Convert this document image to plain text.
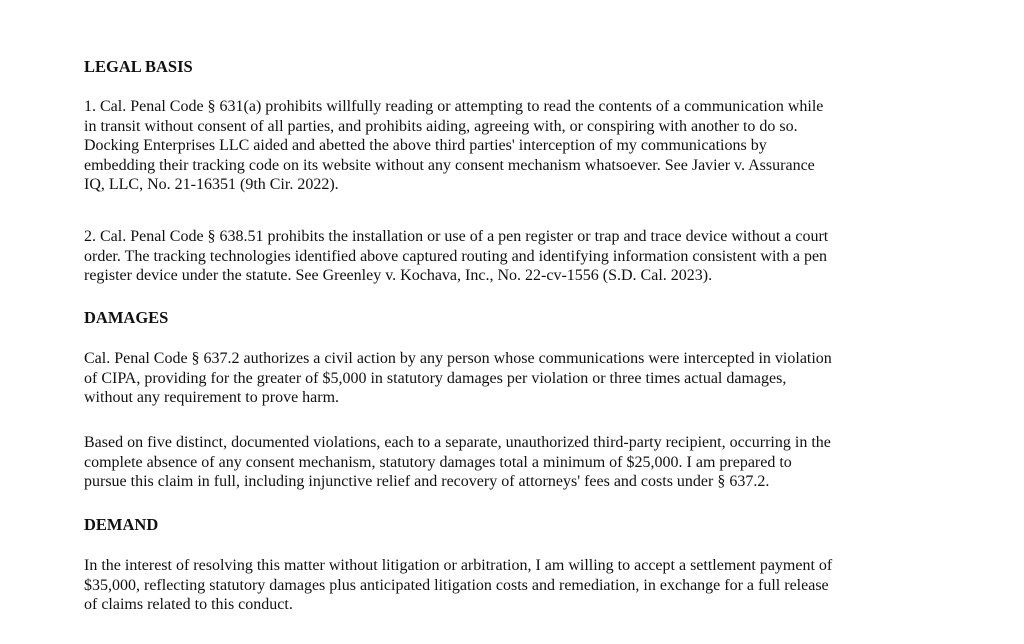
LEGAL BASIS

1. Cal. Penal Code § 631(a) prohibits willfully reading or attempting to read the contents of a communication while
in transit without consent of all parties, and prohibits aiding, agreeing with, or conspiring with another to do so.
Docking Enterprises LLC aided and abetted the above third parties' interception of my communications by
embedding their tracking code on its website without any consent mechanism whatsoever. See Javier v. Assurance
IQ, LLC, No. 21-16351 (9th Cir. 2022).

2. Cal. Penal Code § 638.51 prohibits the installation or use of a pen register or trap and trace device without a court
order. The tracking technologies identified above captured routing and identifying information consistent with a pen
register device under the statute. See Greenley v. Kochava, Inc., No. 22-cv-1556 (S.D. Cal. 2023).

DAMAGES

Cal. Penal Code § 637.2 authorizes a civil action by any person whose communications were intercepted in violation
of CIPA, providing for the greater of $5,000 in statutory damages per violation or three times actual damages,
without any requirement to prove harm.

Based on five distinct, documented violations, each to a separate, unauthorized third-party recipient, occurring in the
complete absence of any consent mechanism, statutory damages total a minimum of $25,000. I am prepared to
pursue this claim in full, including injunctive relief and recovery of attorneys' fees and costs under § 637.2.

DEMAND

In the interest of resolving this matter without litigation or arbitration, I am willing to accept a settlement payment of
$35,000, reflecting statutory damages plus anticipated litigation costs and remediation, in exchange for a full release
of claims related to this conduct.
